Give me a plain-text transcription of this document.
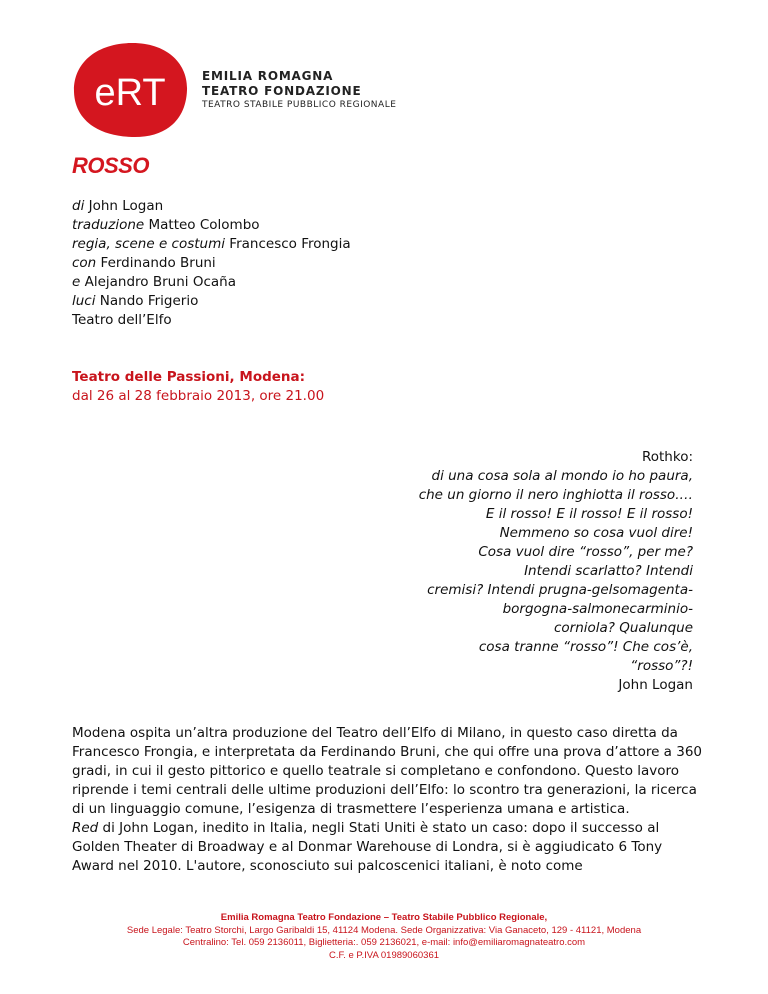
eRT	EMILIA ROMAGNA
TEATRO FONDAZIONE
TEATRO STABILE PUBBLICO REGIONALE
ROSSO
di John Logan
traduzione Matteo Colombo
regia, scene e costumi Francesco Frongia
con Ferdinando Bruni
e Alejandro Bruni Ocaña
luci Nando Frigerio
Teatro dell’Elfo
Teatro delle Passioni, Modena:
dal 26 al 28 febbraio 2013, ore 21.00
Rothko:
di una cosa sola al mondo io ho paura,
che un giorno il nero inghiotta il rosso.…
E il rosso! E il rosso! E il rosso!
Nemmeno so cosa vuol dire!
Cosa vuol dire “rosso”, per me?
Intendi scarlatto? Intendi
cremisi? Intendi prugna-gelsomagenta-
borgogna-salmonecarminio-
corniola? Qualunque
cosa tranne “rosso”! Che cos’è,
“rosso”?!
John Logan

Modena ospita un’altra produzione del Teatro dell’Elfo di Milano, in questo caso diretta da Francesco Frongia, e interpretata da Ferdinando Bruni, che qui offre una prova d’attore a 360 gradi, in cui il gesto pittorico e quello teatrale si completano e confondono. Questo lavoro riprende i temi centrali delle ultime produzioni dell’Elfo: lo scontro tra generazioni, la ricerca di un linguaggio comune, l’esigenza di trasmettere l’esperienza umana e artistica.

Red di John Logan, inedito in Italia, negli Stati Uniti è stato un caso: dopo il successo al Golden Theater di Broadway e al Donmar Warehouse di Londra, si è aggiudicato 6 Tony Award nel 2010. L'autore, sconosciuto sui palcoscenici italiani, è noto come

Emilia Romagna Teatro Fondazione – Teatro Stabile Pubblico Regionale,
Sede Legale: Teatro Storchi, Largo Garibaldi 15, 41124 Modena. Sede Organizzativa: Via Ganaceto, 129 - 41121, Modena
Centralino: Tel. 059 2136011, Biglietteria:. 059 2136021, e-mail: info@emiliaromagnateatro.com
C.F. e P.IVA 01989060361
